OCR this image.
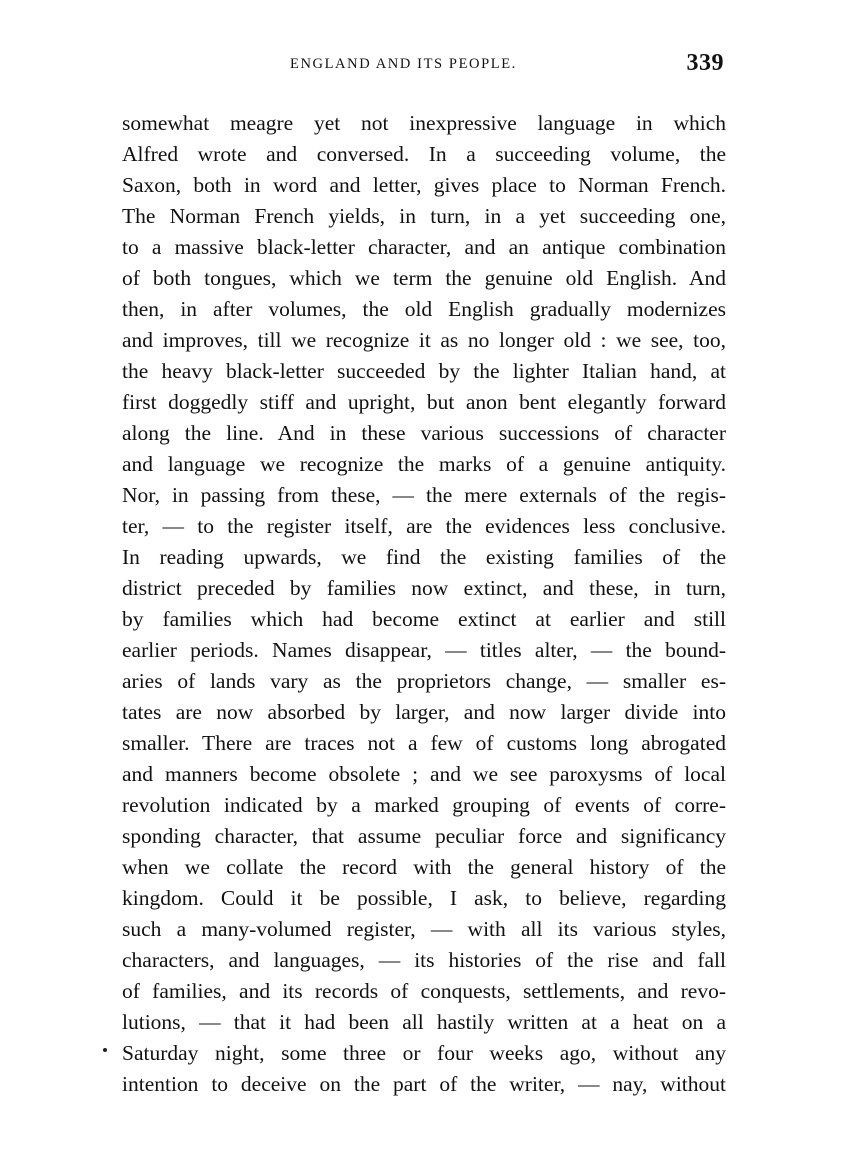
ENGLAND AND ITS PEOPLE.	339
somewhat meagre yet not inexpressive language in which
Alfred wrote and conversed. In a succeeding volume, the
Saxon, both in word and letter, gives place to Norman French.
The Norman French yields, in turn, in a yet succeeding one,
to a massive black-letter character, and an antique combination
of both tongues, which we term the genuine old English. And
then, in after volumes, the old English gradually modernizes
and improves, till we recognize it as no longer old : we see, too,
the heavy black-letter succeeded by the lighter Italian hand, at
first doggedly stiff and upright, but anon bent elegantly forward
along the line. And in these various successions of character
and language we recognize the marks of a genuine antiquity.
Nor, in passing from these, — the mere externals of the regis-
ter, — to the register itself, are the evidences less conclusive.
In reading upwards, we find the existing families of the
district preceded by families now extinct, and these, in turn,
by families which had become extinct at earlier and still
earlier periods. Names disappear, — titles alter, — the bound-
aries of lands vary as the proprietors change, — smaller es-
tates are now absorbed by larger, and now larger divide into
smaller. There are traces not a few of customs long abrogated
and manners become obsolete ; and we see paroxysms of local
revolution indicated by a marked grouping of events of corre-
sponding character, that assume peculiar force and significancy
when we collate the record with the general history of the
kingdom. Could it be possible, I ask, to believe, regarding
such a many-volumed register, — with all its various styles,
characters, and languages, — its histories of the rise and fall
of families, and its records of conquests, settlements, and revo-
lutions, — that it had been all hastily written at a heat on a
Saturday night, some three or four weeks ago, without any
intention to deceive on the part of the writer, — nay, without
